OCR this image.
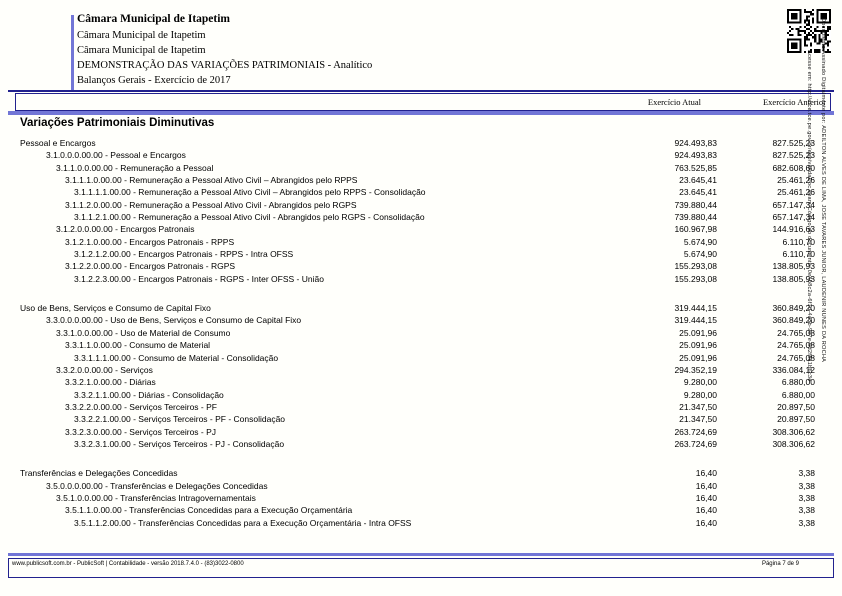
Câmara Municipal de Itapetim
Câmara Municipal de Itapetim
Câmara Municipal de Itapetim
DEMONSTRAÇÃO DAS VARIAÇÕES PATRIMONIAIS - Analítico
Balanços Gerais - Exercício de 2017
Exercício Atual	Exercício Anterior
Variações Patrimoniais Diminutivas
Pessoal e Encargos	924.493,83	827.525,23
3.1.0.0.0.00.00 - Pessoal e Encargos	924.493,83	827.525,23
3.1.1.0.0.00.00 - Remuneração a Pessoal	763.525,85	682.608,60
3.1.1.1.0.00.00 - Remuneração a Pessoal Ativo Civil – Abrangidos pelo RPPS	23.645,41	25.461,26
3.1.1.1.1.00.00 - Remuneração a Pessoal Ativo Civil – Abrangidos pelo RPPS - Consolidação	23.645,41	25.461,26
3.1.1.2.0.00.00 - Remuneração a Pessoal Ativo Civil - Abrangidos pelo RGPS	739.880,44	657.147,34
3.1.1.2.1.00.00 - Remuneração a Pessoal Ativo Civil - Abrangidos pelo RGPS - Consolidação	739.880,44	657.147,34
3.1.2.0.0.00.00 - Encargos Patronais	160.967,98	144.916,63
3.1.2.1.0.00.00 - Encargos Patronais - RPPS	5.674,90	6.110,70
3.1.2.1.2.00.00 - Encargos Patronais - RPPS - Intra OFSS	5.674,90	6.110,70
3.1.2.2.0.00.00 - Encargos Patronais - RGPS	155.293,08	138.805,93
3.1.2.2.3.00.00 - Encargos Patronais - RGPS - Inter OFSS - União	155.293,08	138.805,93
Uso de Bens, Serviços e Consumo de Capital Fixo	319.444,15	360.849,20
3.3.0.0.0.00.00 - Uso de Bens, Serviços e Consumo de Capital Fixo	319.444,15	360.849,20
3.3.1.0.0.00.00 - Uso de Material de Consumo	25.091,96	24.765,08
3.3.1.1.0.00.00 - Consumo de Material	25.091,96	24.765,08
3.3.1.1.1.00.00 - Consumo de Material - Consolidação	25.091,96	24.765,08
3.3.2.0.0.00.00 - Serviços	294.352,19	336.084,12
3.3.2.1.0.00.00 - Diárias	9.280,00	6.880,00
3.3.2.1.1.00.00 - Diárias - Consolidação	9.280,00	6.880,00
3.3.2.2.0.00.00 - Serviços Terceiros - PF	21.347,50	20.897,50
3.3.2.2.1.00.00 - Serviços Terceiros - PF - Consolidação	21.347,50	20.897,50
3.3.2.3.0.00.00 - Serviços Terceiros - PJ	263.724,69	308.306,62
3.3.2.3.1.00.00 - Serviços Terceiros - PJ - Consolidação	263.724,69	308.306,62
Transferências e Delegações Concedidas	16,40	3,38
3.5.0.0.0.00.00 - Transferências e Delegações Concedidas	16,40	3,38
3.5.1.0.0.00.00 - Transferências Intragovernamentais	16,40	3,38
3.5.1.1.0.00.00 - Transferências Concedidas para a Execução Orçamentária	16,40	3,38
3.5.1.1.2.00.00 - Transferências Concedidas para a Execução Orçamentária - Intra OFSS	16,40	3,38
www.publicsoft.com.br - PublicSoft | Contabilidade - versão 2018.7.4.0 - (83)3022-0800	Página 7 de 9
Documento Assinado Digitalmente por: ADEILTON ALVES DE LIMA, JOSE TAVARES JUNIOR, LAUDENIR NUNES DA ROCHA
Acesse em: http://etce.tce.pe.gov.br/epp/validaDoc.seam Código do documento: 0e4b8c2a-6f1d-4a3b-9c7e-5d2f8a1b6c3e
